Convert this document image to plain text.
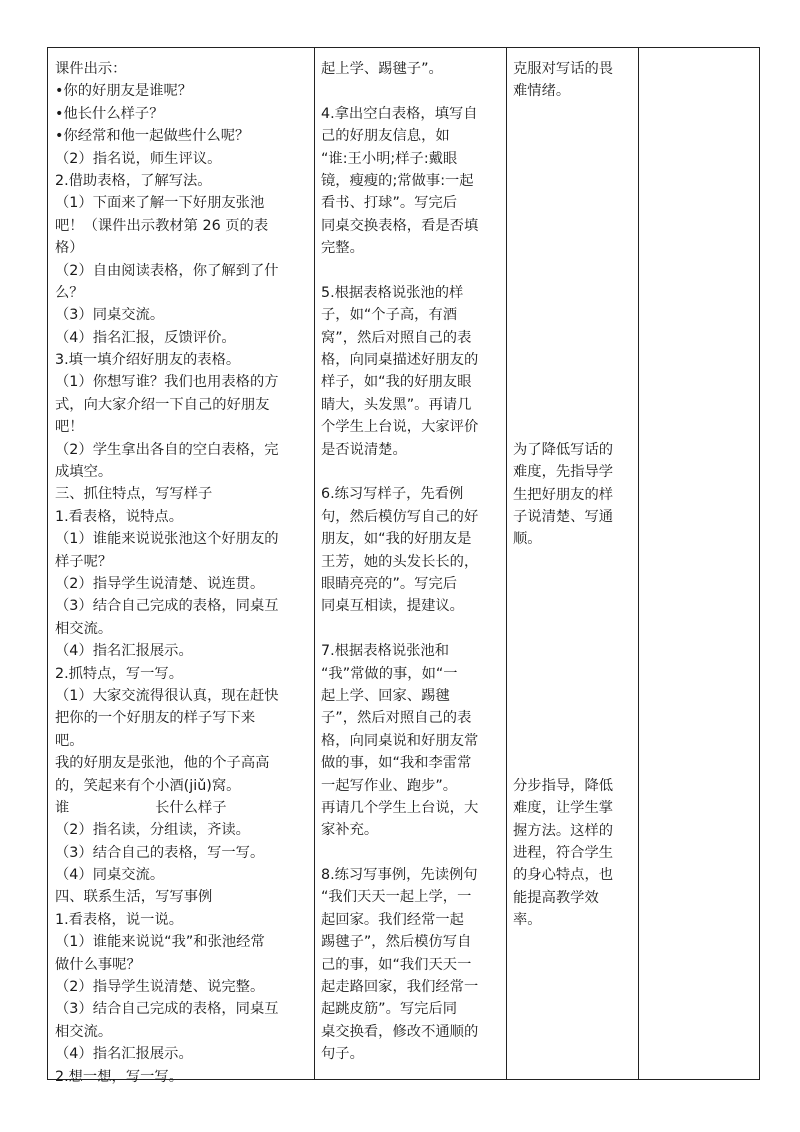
课件出示：
•你的好朋友是谁呢？
•他长什么样子？
•你经常和他一起做些什么呢？
（2）指名说，师生评议。
2.借助表格，了解写法。
（1）下面来了解一下好朋友张池
吧！（课件出示教材第 26 页的表
格）
（2）自由阅读表格，你了解到了什
么？
（3）同桌交流。
（4）指名汇报，反馈评价。
3.填一填介绍好朋友的表格。
（1）你想写谁？我们也用表格的方
式，向大家介绍一下自己的好朋友
吧！
（2）学生拿出各自的空白表格，完
成填空。
三、抓住特点，写写样子
1.看表格，说特点。
（1）谁能来说说张池这个好朋友的
样子呢？
（2）指导学生说清楚、说连贯。
（3）结合自己完成的表格，同桌互
相交流。
（4）指名汇报展示。
2.抓特点，写一写。
（1）大家交流得很认真，现在赶快
把你的一个好朋友的样子写下来
吧。
我的好朋友是张池，他的个子高高
的，笑起来有个小酒(jiǔ)窝。
谁　　　　　　长什么样子
（2）指名读，分组读，齐读。
（3）结合自己的表格，写一写。
（4）同桌交流。
四、联系生活，写写事例
1.看表格，说一说。
（1）谁能来说说“我”和张池经常
做什么事呢？
（2）指导学生说清楚、说完整。
（3）结合自己完成的表格，同桌互
相交流。
（4）指名汇报展示。
2.想一想，写一写。
起上学、踢毽子”。
4.拿出空白表格，填写自
己的好朋友信息，如
“谁:王小明;样子:戴眼
镜，瘦瘦的;常做事:一起
看书、打球”。写完后
同桌交换表格，看是否填
完整。
5.根据表格说张池的样
子，如“个子高，有酒
窝”，然后对照自己的表
格，向同桌描述好朋友的
样子，如“我的好朋友眼
睛大，头发黑”。再请几
个学生上台说，大家评价
是否说清楚。
6.练习写样子，先看例
句，然后模仿写自己的好
朋友，如“我的好朋友是
王芳，她的头发长长的，
眼睛亮亮的”。写完后
同桌互相读，提建议。
7.根据表格说张池和
“我”常做的事，如“一
起上学、回家、踢毽
子”，然后对照自己的表
格，向同桌说和好朋友常
做的事，如“我和李雷常
一起写作业、跑步”。
再请几个学生上台说，大
家补充。
8.练习写事例，先读例句
“我们天天一起上学，一
起回家。我们经常一起
踢毽子”，然后模仿写自
己的事，如“我们天天一
起走路回家，我们经常一
起跳皮筋”。写完后同
桌交换看，修改不通顺的
句子。
克服对写话的畏
难情绪。
为了降低写话的
难度，先指导学
生把好朋友的样
子说清楚、写通
顺。
分步指导，降低
难度，让学生掌
握方法。这样的
进程，符合学生
的身心特点，也
能提高教学效
率。
